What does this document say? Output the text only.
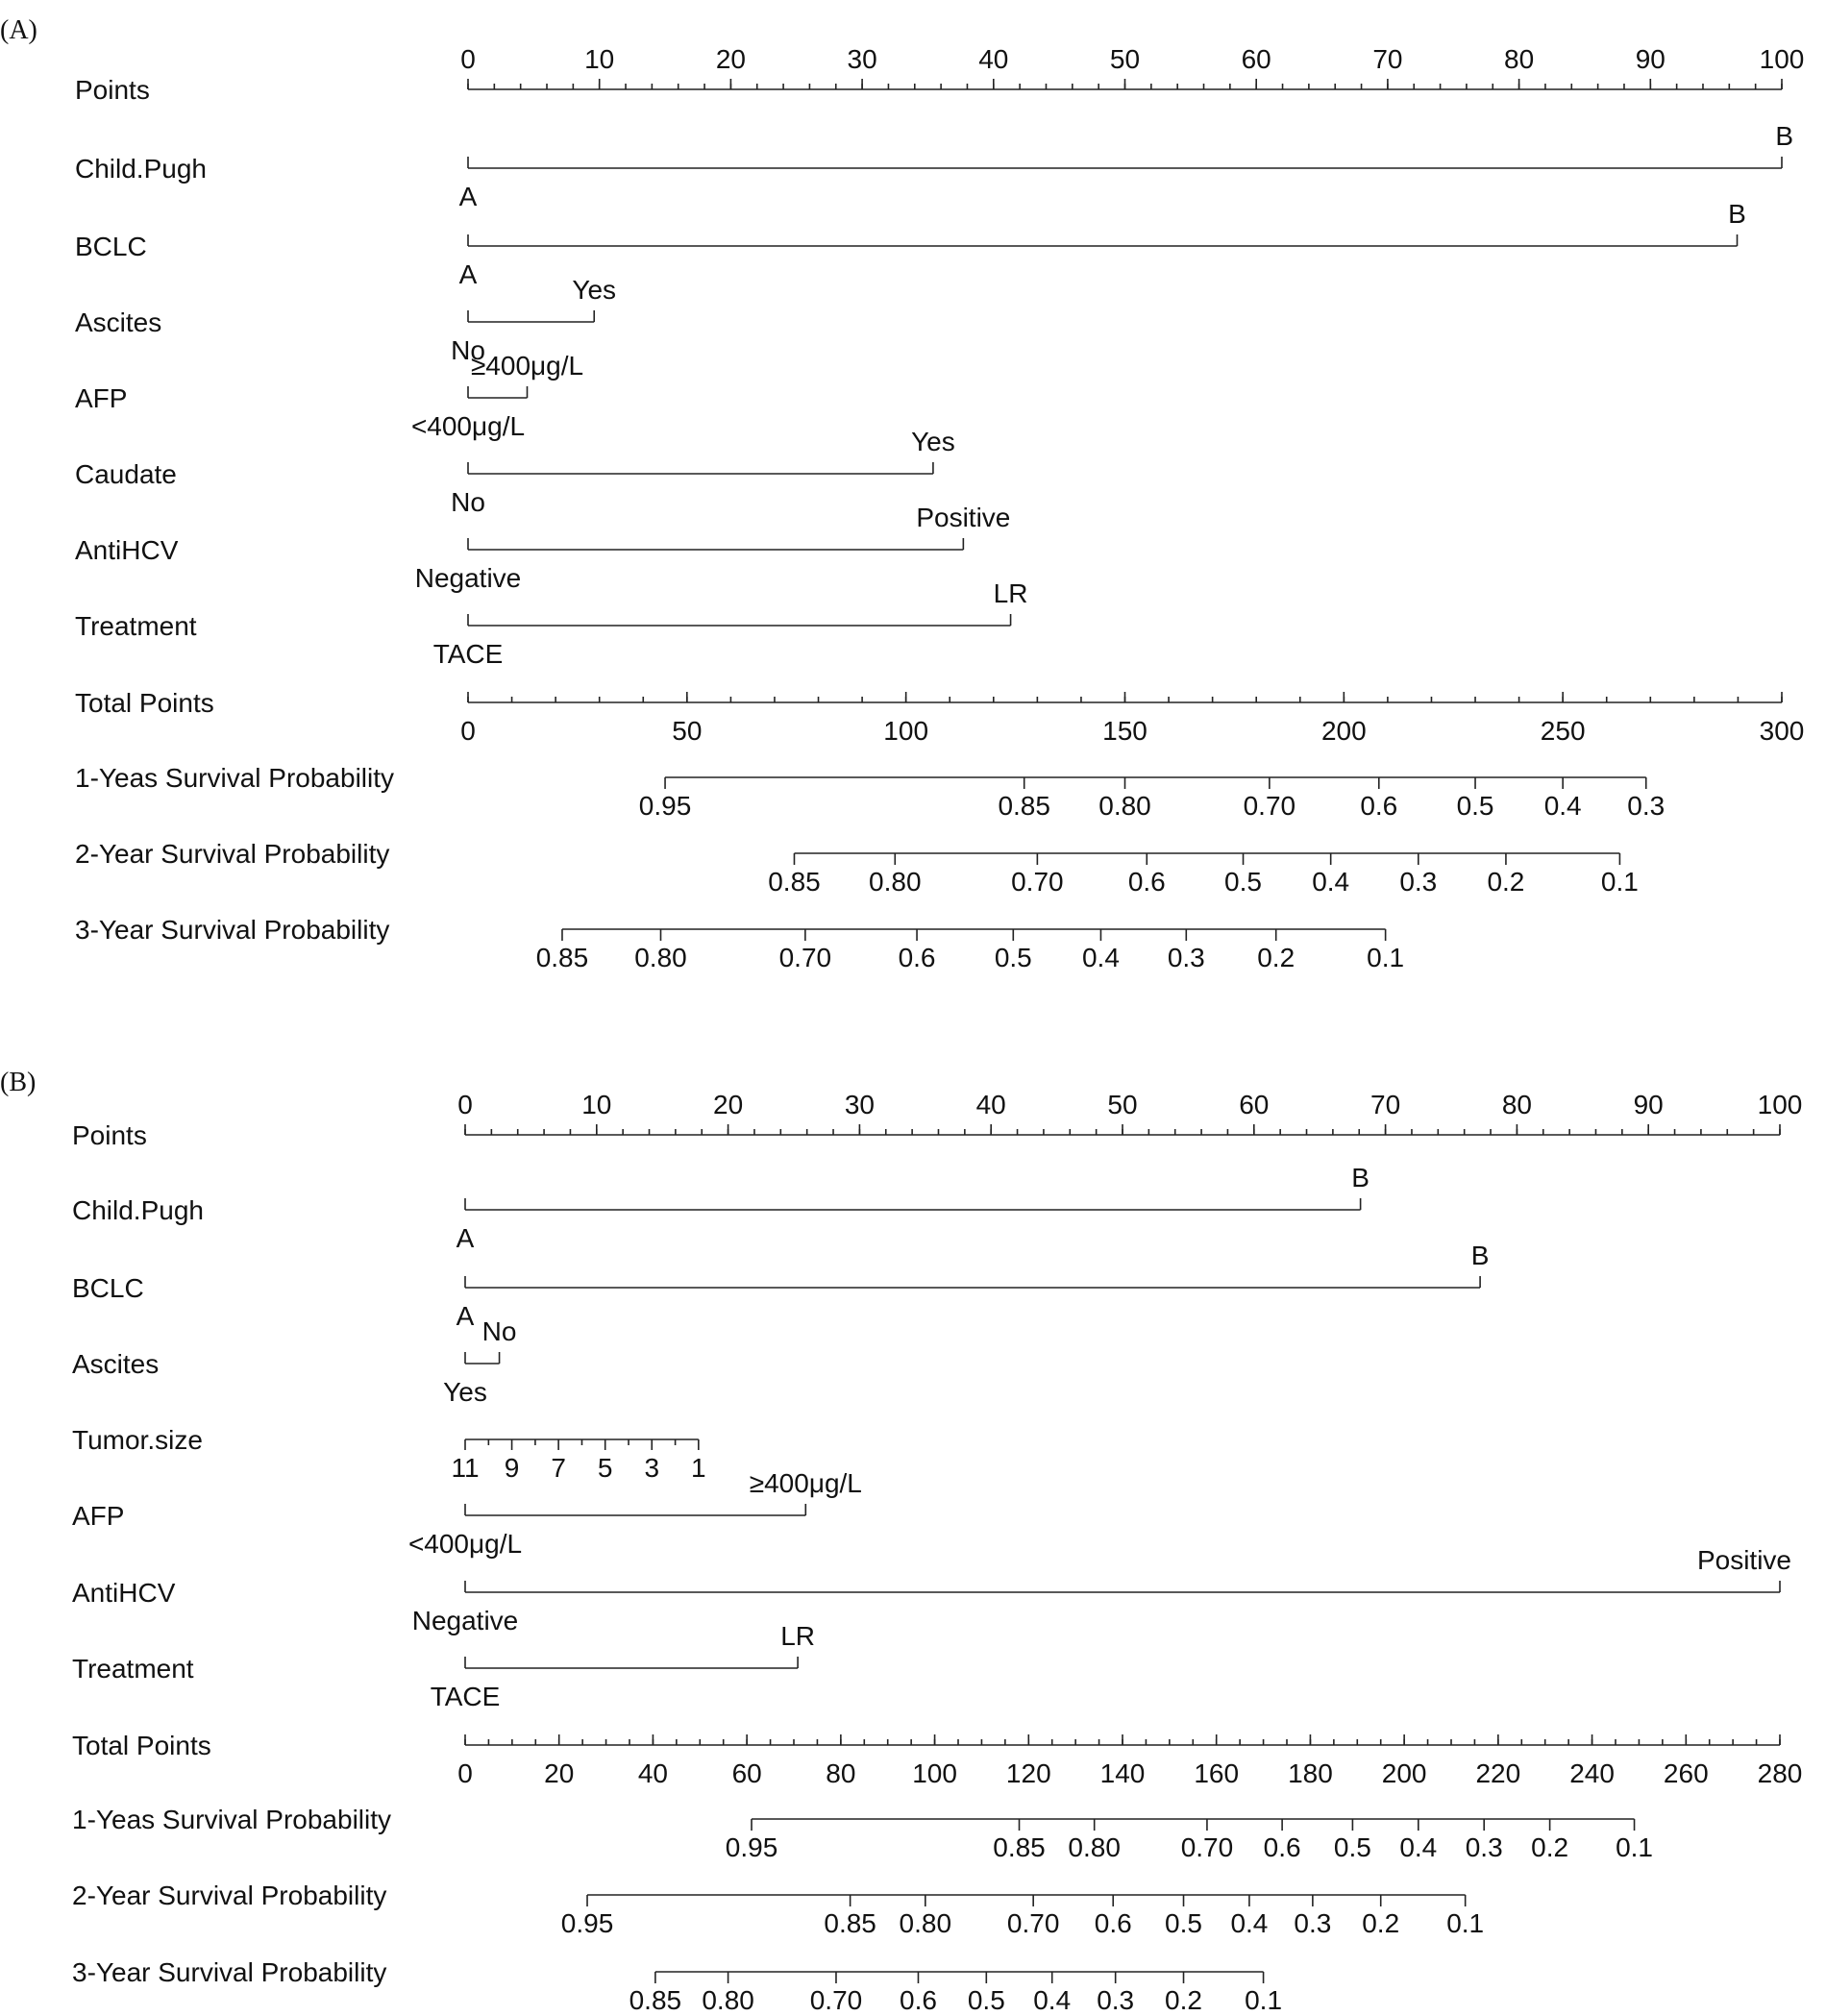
(A)
Points
0	10	20	30	40	50	60	70	80	90	100
Child.Pugh
A
B
BCLC
A
B
Ascites
No
Yes
AFP
<400μg/L
≥400μg/L
Caudate
No
Yes
AntiHCV
Negative
Positive
Treatment
TACE
LR
Total Points
0	50	100	150	200	250	300
1-Yeas Survival Probability
0.95	0.85 0.80	0.70 0.6 0.5 0.4 0.3
2-Year Survival Probability
0.85 0.80	0.70 0.6 0.5 0.4 0.3 0.2	0.1
3-Year Survival Probability
0.85 0.80	0.70 0.6 0.5 0.4 0.3 0.2	0.1
(B)
Points
0	10	20	30	40	50	60	70	80	90	100
Child.Pugh
A
B
BCLC
A
B
Ascites
Yes
No
Tumor.size
11 9 7 5 3 1
AFP
<400μg/L
≥400μg/L
AntiHCV
Negative
Positive
Treatment
TACE
LR
Total Points
0	20 40 60 80 100 120 140 160 180 200 220 240 260 280
1-Yeas Survival Probability
0.95	0.85 0.80 0.70 0.6 0.5 0.4 0.3 0.2 0.1
2-Year Survival Probability
0.95	0.85 0.80 0.70 0.6 0.5 0.4 0.3 0.2 0.1
3-Year Survival Probability
0.85 0.80 0.70 0.6 0.5 0.4 0.3 0.2 0.1
